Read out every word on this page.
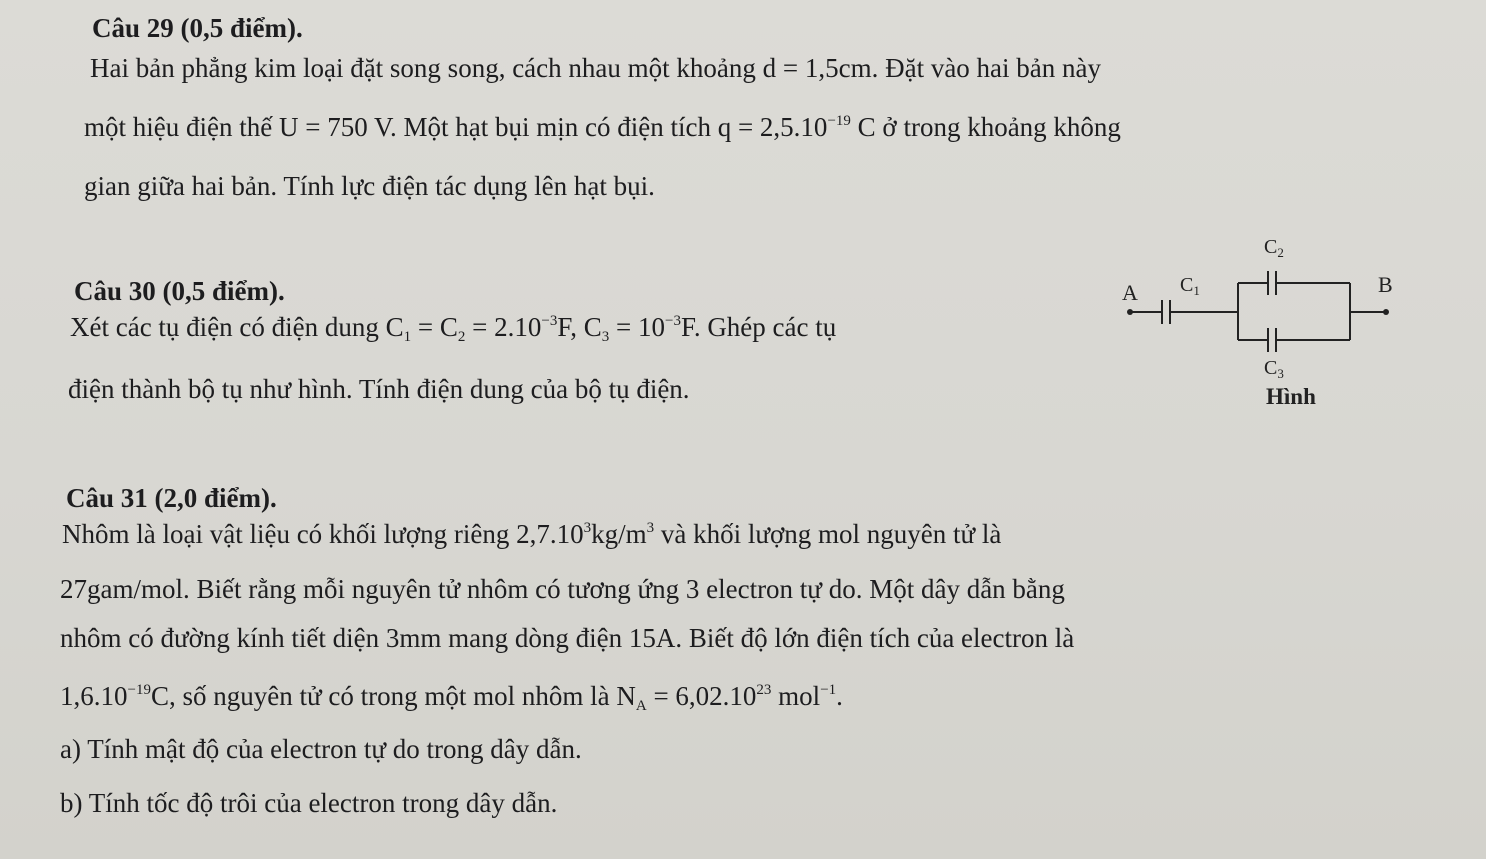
Câu 29 (0,5 điểm).
Hai bản phẳng kim loại đặt song song, cách nhau một khoảng d = 1,5cm. Đặt vào hai bản này
một hiệu điện thế U = 750 V. Một hạt bụi mịn có điện tích $q = 2,5.10^{-19}$ C ở trong khoảng không
gian giữa hai bản. Tính lực điện tác dụng lên hạt bụi.
Câu 30 (0,5 điểm).
Xét các tụ điện có điện dung $C_1 = C_2 = 2.10^{-3}F$, $C_3 = 10^{-3}F$. Ghép các tụ
điện thành bộ tụ như hình. Tính điện dung của bộ tụ điện.
A	B
$C_1$
$C_2$
$C_3$
Hình
Câu 31 (2,0 điểm).
Nhôm là loại vật liệu có khối lượng riêng $2,7.10^3kg/m^3$ và khối lượng mol nguyên tử là
27gam/mol. Biết rằng mỗi nguyên tử nhôm có tương ứng 3 electron tự do. Một dây dẫn bằng
nhôm có đường kính tiết diện 3mm mang dòng điện 15A. Biết độ lớn điện tích của electron là
$1,6.10^{-19}C$, số nguyên tử có trong một mol nhôm là $N_A = 6,02.10^{23}$ mol$^{-1}$.
a) Tính mật độ của electron tự do trong dây dẫn.
b) Tính tốc độ trôi của electron trong dây dẫn.
